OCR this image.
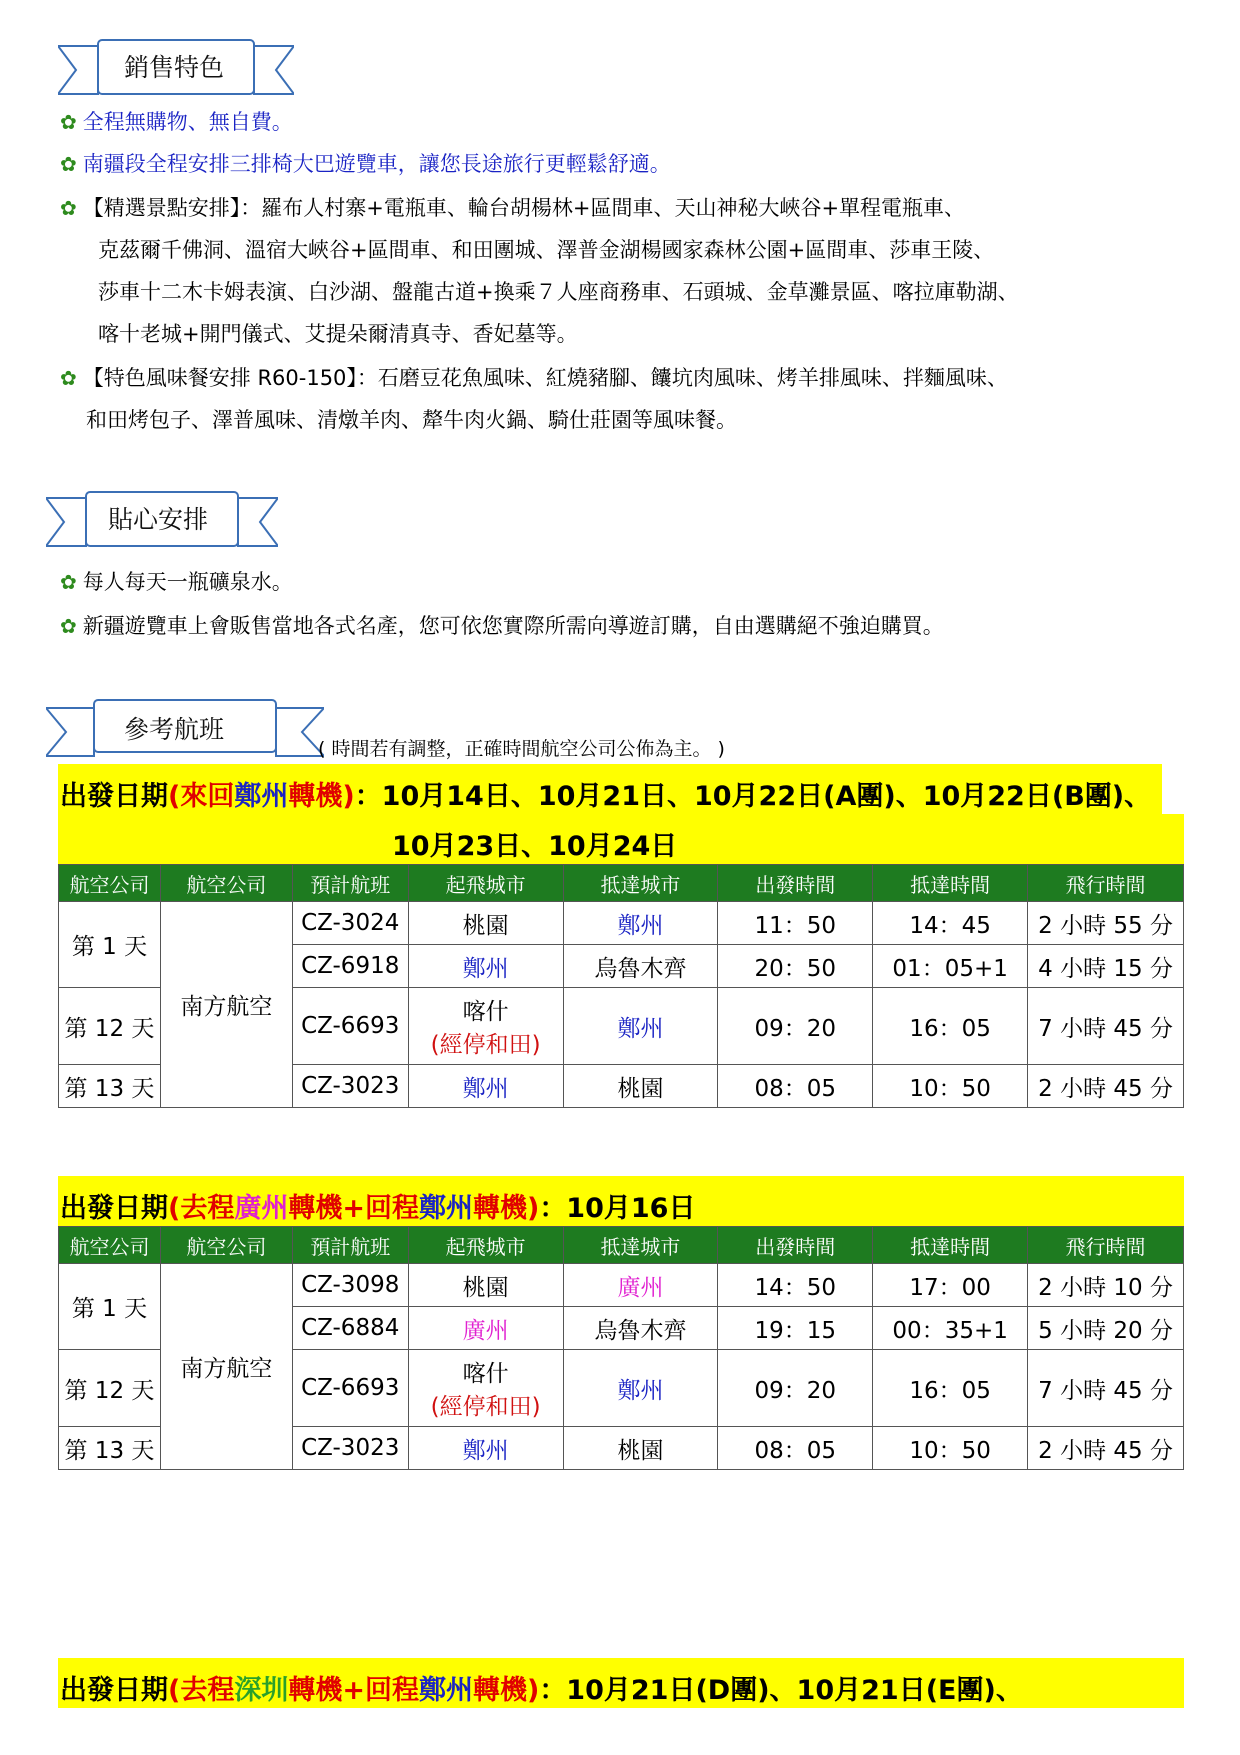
銷售特色
✿ 全程無購物、無自費。
✿ 南疆段全程安排三排椅大巴遊覽車，讓您長途旅行更輕鬆舒適。
✿ 【精選景點安排】：羅布人村寨+電瓶車、輪台胡楊林+區間車、天山神秘大峽谷+單程電瓶車、
克茲爾千佛洞、溫宿大峽谷+區間車、和田團城、澤普金湖楊國家森林公園+區間車、莎車王陵、
莎車十二木卡姆表演、白沙湖、盤龍古道+換乘７人座商務車、石頭城、金草灘景區、喀拉庫勒湖、
喀十老城+開門儀式、艾提朵爾清真寺、香妃墓等。
✿ 【特色風味餐安排 R60-150】：石磨豆花魚風味、紅燒豬腳、饢坑肉風味、烤羊排風味、拌麵風味、
和田烤包子、澤普風味、清燉羊肉、犛牛肉火鍋、騎仕莊園等風味餐。
貼心安排
✿ 每人每天一瓶礦泉水。
✿ 新疆遊覽車上會販售當地各式名產，您可依您實際所需向導遊訂購，自由選購絕不強迫購買。
參考航班
( 時間若有調整，正確時間航空公司公佈為主。 )
出發日期(來回鄭州轉機)：10月14日、10月21日、10月22日(A團)、10月22日(B團)、
10月23日、10月24日
航空公司	航空公司	預計航班	起飛城市	抵達城市	出發時間	抵達時間	飛行時間
第 1 天	南方航空	CZ-3024	桃園	鄭州	11：50	14：45	2 小時 55 分
		CZ-6918	鄭州	烏魯木齊	20：50	01：05+1	4 小時 15 分
第 12 天		CZ-6693	喀什
(經停和田)	鄭州	09：20	16：05	7 小時 45 分
第 13 天		CZ-3023	鄭州	桃園	08：05	10：50	2 小時 45 分
出發日期(去程廣州轉機+回程鄭州轉機)：10月16日
航空公司	航空公司	預計航班	起飛城市	抵達城市	出發時間	抵達時間	飛行時間
第 1 天	南方航空	CZ-3098	桃園	廣州	14：50	17：00	2 小時 10 分
		CZ-6884	廣州	烏魯木齊	19：15	00：35+1	5 小時 20 分
第 12 天		CZ-6693	喀什
(經停和田)	鄭州	09：20	16：05	7 小時 45 分
第 13 天		CZ-3023	鄭州	桃園	08：05	10：50	2 小時 45 分
出發日期(去程深圳轉機+回程鄭州轉機)：10月21日(D團)、10月21日(E團)、
